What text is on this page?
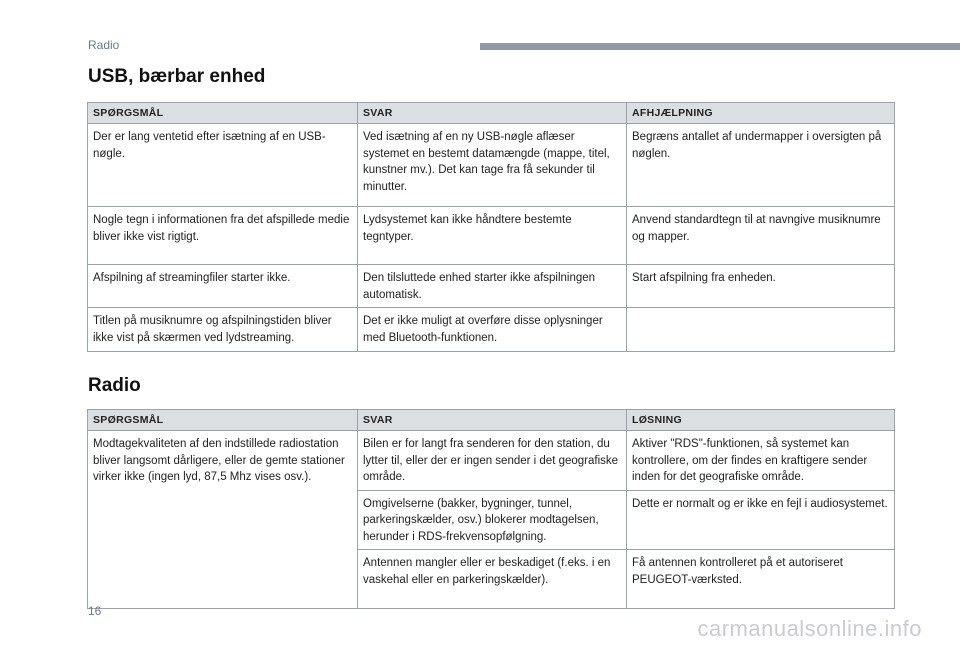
Radio
USB, bærbar enhed
SPØRGSMÅL	SVAR	AFHJÆLPNING
Der er lang ventetid efter isætning af en USB-nøgle.	Ved isætning af en ny USB-nøgle aflæser systemet en bestemt datamængde (mappe, titel, kunstner mv.). Det kan tage fra få sekunder til minutter.	Begræns antallet af undermapper i oversigten på nøglen.
Nogle tegn i informationen fra det afspillede medie bliver ikke vist rigtigt.	Lydsystemet kan ikke håndtere bestemte tegntyper.	Anvend standardtegn til at navngive musiknumre og mapper.
Afspilning af streamingfiler starter ikke.	Den tilsluttede enhed starter ikke afspilningen automatisk.	Start afspilning fra enheden.
Titlen på musiknumre og afspilningstiden bliver ikke vist på skærmen ved lydstreaming.	Det er ikke muligt at overføre disse oplysninger med Bluetooth-funktionen.	
Radio
SPØRGSMÅL	SVAR	LØSNING
Modtagekvaliteten af den indstillede radiostation bliver langsomt dårligere, eller de gemte stationer virker ikke (ingen lyd, 87,5 Mhz vises osv.).	Bilen er for langt fra senderen for den station, du lytter til, eller der er ingen sender i det geografiske område.	Aktiver "RDS"-funktionen, så systemet kan kontrollere, om der findes en kraftigere sender inden for det geografiske område.
	Omgivelserne (bakker, bygninger, tunnel, parkeringskælder, osv.) blokerer modtagelsen, herunder i RDS-frekvensopfølgning.	Dette er normalt og er ikke en fejl i audiosystemet.
	Antennen mangler eller er beskadiget (f.eks. i en vaskehal eller en parkeringskælder).	Få antennen kontrolleret på et autoriseret PEUGEOT-værksted.
16
carmanualsonline.info
